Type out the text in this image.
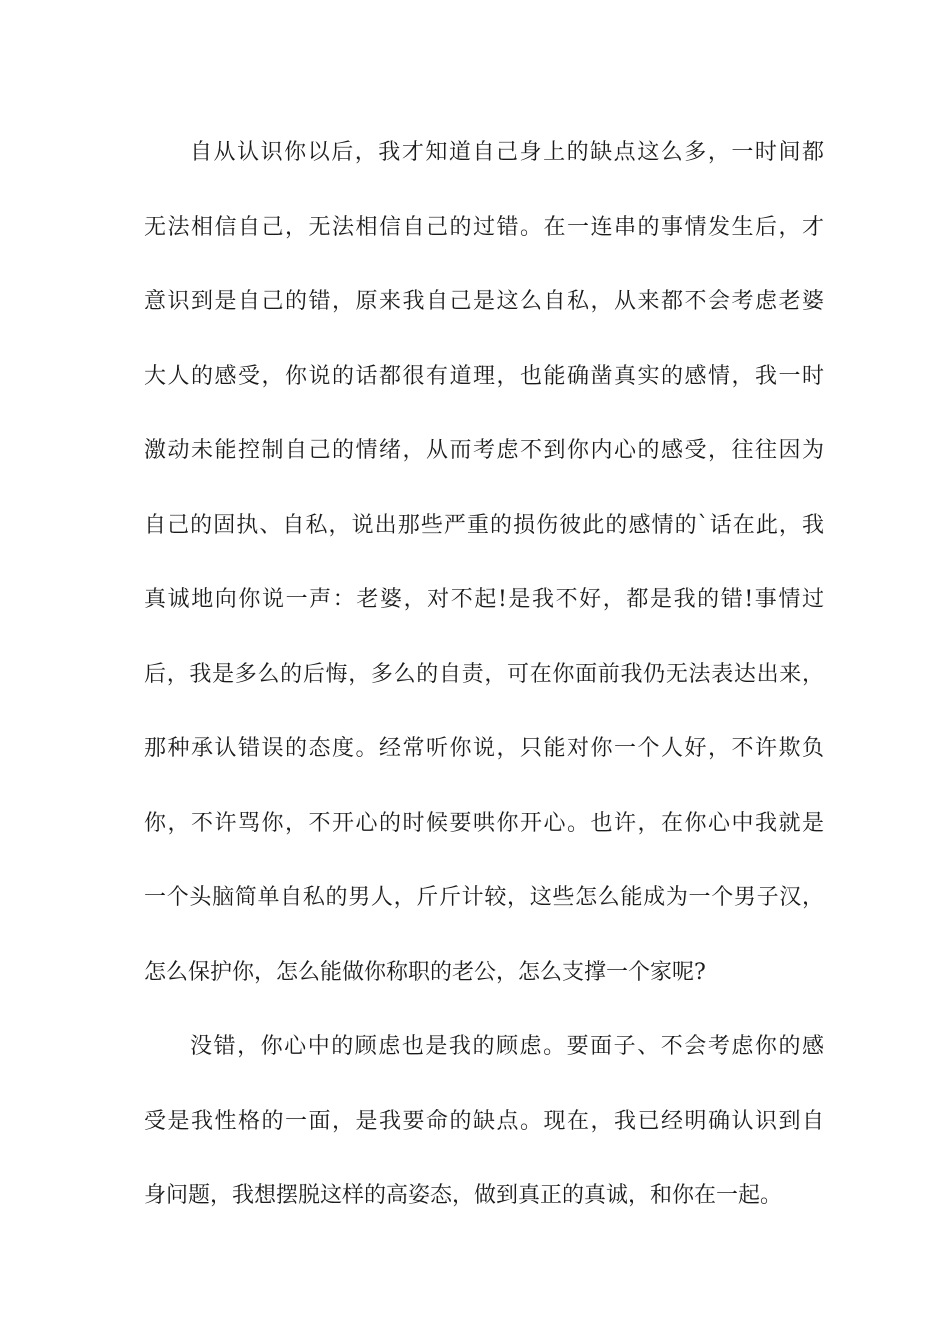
自从认识你以后，我才知道自己身上的缺点这么多，一时间都
无法相信自己，无法相信自己的过错。在一连串的事情发生后，才
意识到是自己的错，原来我自己是这么自私，从来都不会考虑老婆
大人的感受，你说的话都很有道理，也能确凿真实的感情，我一时
激动未能控制自己的情绪，从而考虑不到你内心的感受，往往因为
自己的固执、自私，说出那些严重的损伤彼此的感情的`话在此，我
真诚地向你说一声：老婆，对不起!是我不好，都是我的错!事情过
后，我是多么的后悔，多么的自责，可在你面前我仍无法表达出来，
那种承认错误的态度。经常听你说，只能对你一个人好，不许欺负
你，不许骂你，不开心的时候要哄你开心。也许，在你心中我就是
一个头脑简单自私的男人，斤斤计较，这些怎么能成为一个男子汉，
怎么保护你，怎么能做你称职的老公，怎么支撑一个家呢?
没错，你心中的顾虑也是我的顾虑。要面子、不会考虑你的感
受是我性格的一面，是我要命的缺点。现在，我已经明确认识到自
身问题，我想摆脱这样的高姿态，做到真正的真诚，和你在一起。
